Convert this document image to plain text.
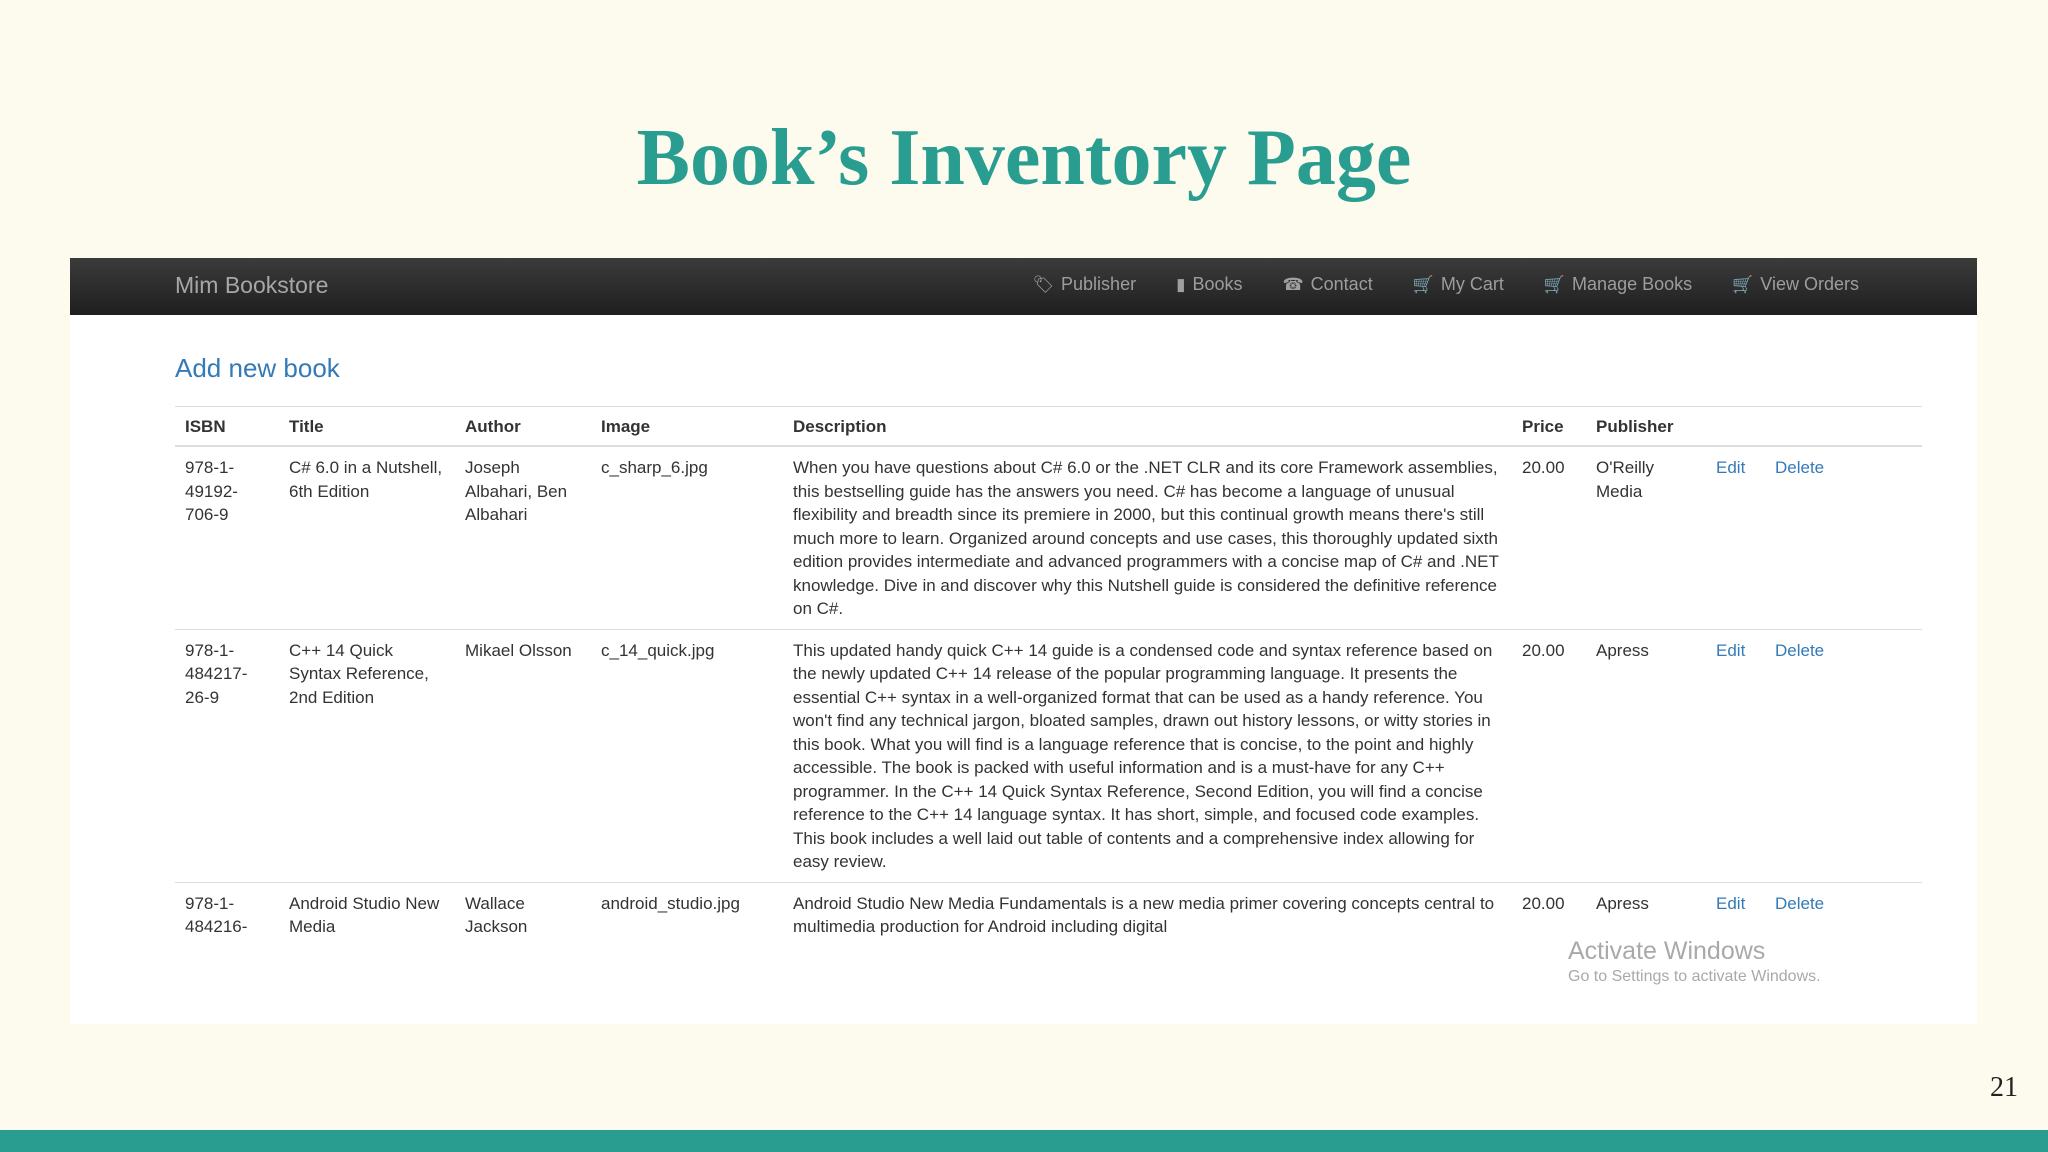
Book’s Inventory Page
Mim Bookstore	🏷 Publisher ▮ Books ☎ Contact 🛒 My Cart 🛒 Manage Books 🛒 View Orders
Add new book
ISBN	Title	Author	Image	Description	Price	Publisher		
978-1-49192-706-9	C# 6.0 in a Nutshell, 6th Edition	Joseph Albahari, Ben Albahari	c_sharp_6.jpg	When you have questions about C# 6.0 or the .NET CLR and its core Framework assemblies, this bestselling guide has the answers you need. C# has become a language of unusual flexibility and breadth since its premiere in 2000, but this continual growth means there's still much more to learn. Organized around concepts and use cases, this thoroughly updated sixth edition provides intermediate and advanced programmers with a concise map of C# and .NET knowledge. Dive in and discover why this Nutshell guide is considered the definitive reference on C#.	20.00	O'Reilly Media	Edit	Delete
978-1-484217-26-9	C++ 14 Quick Syntax Reference, 2nd Edition	Mikael Olsson	c_14_quick.jpg	This updated handy quick C++ 14 guide is a condensed code and syntax reference based on the newly updated C++ 14 release of the popular programming language. It presents the essential C++ syntax in a well-organized format that can be used as a handy reference. You won't find any technical jargon, bloated samples, drawn out history lessons, or witty stories in this book. What you will find is a language reference that is concise, to the point and highly accessible. The book is packed with useful information and is a must-have for any C++ programmer. In the C++ 14 Quick Syntax Reference, Second Edition, you will find a concise reference to the C++ 14 language syntax. It has short, simple, and focused code examples. This book includes a well laid out table of contents and a comprehensive index allowing for easy review.	20.00	Apress	Edit	Delete
978-1-484216-	Android Studio New Media	Wallace Jackson	android_studio.jpg	Android Studio New Media Fundamentals is a new media primer covering concepts central to multimedia production for Android including digital	20.00	Apress	Edit	Delete
Activate Windows
Go to Settings to activate Windows.
21
